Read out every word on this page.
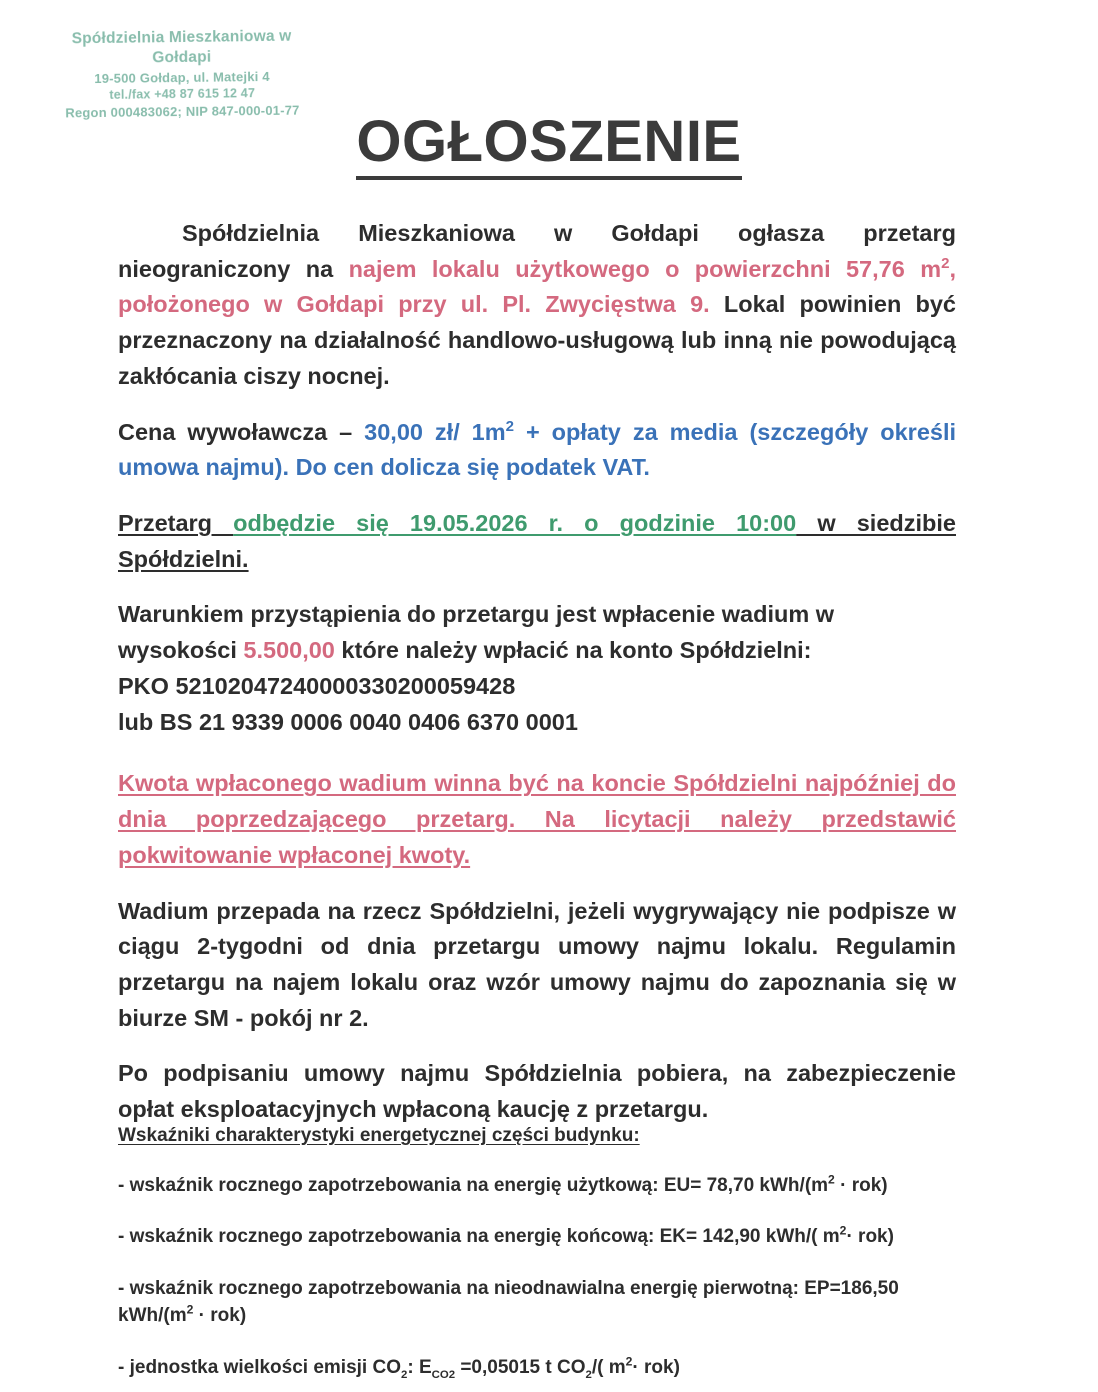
Spółdzielnia Mieszkaniowa w Gołdapi
19-500 Gołdap, ul. Matejki 4
tel./fax +48 87 615 12 47
Regon 000483062; NIP 847-000-01-77 OGŁOSZENIE

Spółdzielnia Mieszkaniowa w Gołdapi ogłasza przetarg nieograniczony na najem lokalu użytkowego o powierzchni 57,76 $m^2$, położonego w Gołdapi przy ul. Pl. Zwycięstwa 9. Lokal powinien być przeznaczony na działalność handlowo-usługową lub inną nie powodującą zakłócania ciszy nocnej.

Cena wywoławcza – 30,00 zł/ $1m^2$ + opłaty za media (szczegóły określi umowa najmu). Do cen dolicza się podatek VAT.

Przetarg odbędzie się 19.05.2026 r. o godzinie 10:00 w siedzibie Spółdzielni.

Warunkiem przystąpienia do przetargu jest wpłacenie wadium w wysokości 5.500,00 które należy wpłacić na konto Spółdzielni:

PKO 52102047240000330200059428

lub BS 21 9339 0006 0040 0406 6370 0001

Kwota wpłaconego wadium winna być na koncie Spółdzielni najpóźniej do dnia poprzedzającego przetarg. Na licytacji należy przedstawić pokwitowanie wpłaconej kwoty.

Wadium przepada na rzecz Spółdzielni, jeżeli wygrywający nie podpisze w ciągu 2-tygodni od dnia przetargu umowy najmu lokalu. Regulamin przetargu na najem lokalu oraz wzór umowy najmu do zapoznania się w biurze SM - pokój nr 2.

Po podpisaniu umowy najmu Spółdzielnia pobiera, na zabezpieczenie opłat eksploatacyjnych wpłaconą kaucję z przetargu.

Wskaźniki charakterystyki energetycznej części budynku:

- wskaźnik rocznego zapotrzebowania na energię użytkową: EU= 78,70 kWh/$(m^2 \cdot rok)$

- wskaźnik rocznego zapotrzebowania na energię końcową: EK= 142,90 kWh/( $m^2\cdot rok$)

- wskaźnik rocznego zapotrzebowania na nieodnawialna energię pierwotną: EP=186,50 kWh/$(m^2 \cdot rok)$

- jednostka wielkości emisji $CO_2$: $E_{CO2} =0,05015$ t $CO_2/$( $m^2\cdot rok$)
